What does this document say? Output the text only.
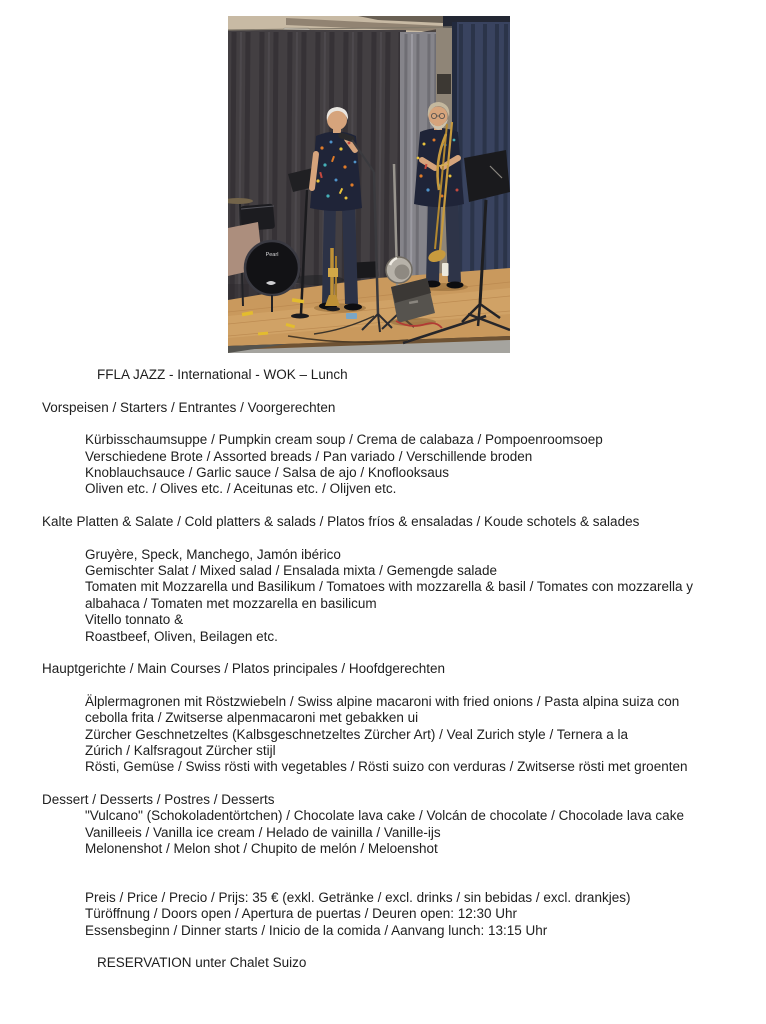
Pearl
FFLA JAZZ - International - WOK – Lunch

Vorspeisen / Starters / Entrantes / Voorgerechten

Kürbisschaumsuppe / Pumpkin cream soup / Crema de calabaza / Pompoenroomsoep
Verschiedene Brote / Assorted breads / Pan variado / Verschillende broden
Knoblauchsauce / Garlic sauce / Salsa de ajo / Knoflooksaus
Oliven etc. / Olives etc. / Aceitunas etc. / Olijven etc.

Kalte Platten & Salate / Cold platters & salads / Platos fríos & ensaladas / Koude schotels & salades

Gruyère, Speck, Manchego, Jamón ibérico
Gemischter Salat / Mixed salad / Ensalada mixta / Gemengde salade
Tomaten mit Mozzarella und Basilikum / Tomatoes with mozzarella & basil / Tomates con mozzarella y
albahaca / Tomaten met mozzarella en basilicum
Vitello tonnato &
Roastbeef, Oliven, Beilagen etc.

Hauptgerichte / Main Courses / Platos principales / Hoofdgerechten

Älplermagronen mit Röstzwiebeln / Swiss alpine macaroni with fried onions / Pasta alpina suiza con
cebolla frita / Zwitserse alpenmacaroni met gebakken ui
Zürcher Geschnetzeltes (Kalbsgeschnetzeltes Zürcher Art) / Veal Zurich style / Ternera a la
Zúrich / Kalfsragout Zürcher stijl
Rösti, Gemüse / Swiss rösti with vegetables / Rösti suizo con verduras / Zwitserse rösti met groenten

Dessert / Desserts / Postres / Desserts
"Vulcano" (Schokoladentörtchen) / Chocolate lava cake / Volcán de chocolate / Chocolade lava cake
Vanilleeis / Vanilla ice cream / Helado de vainilla / Vanille-ijs
Melonenshot / Melon shot / Chupito de melón / Meloenshot

Preis / Price / Precio / Prijs: 35 € (exkl. Getränke / excl. drinks / sin bebidas / excl. drankjes)
Türöffnung / Doors open / Apertura de puertas / Deuren open: 12:30 Uhr
Essensbeginn / Dinner starts / Inicio de la comida / Aanvang lunch: 13:15 Uhr

RESERVATION unter Chalet Suizo
